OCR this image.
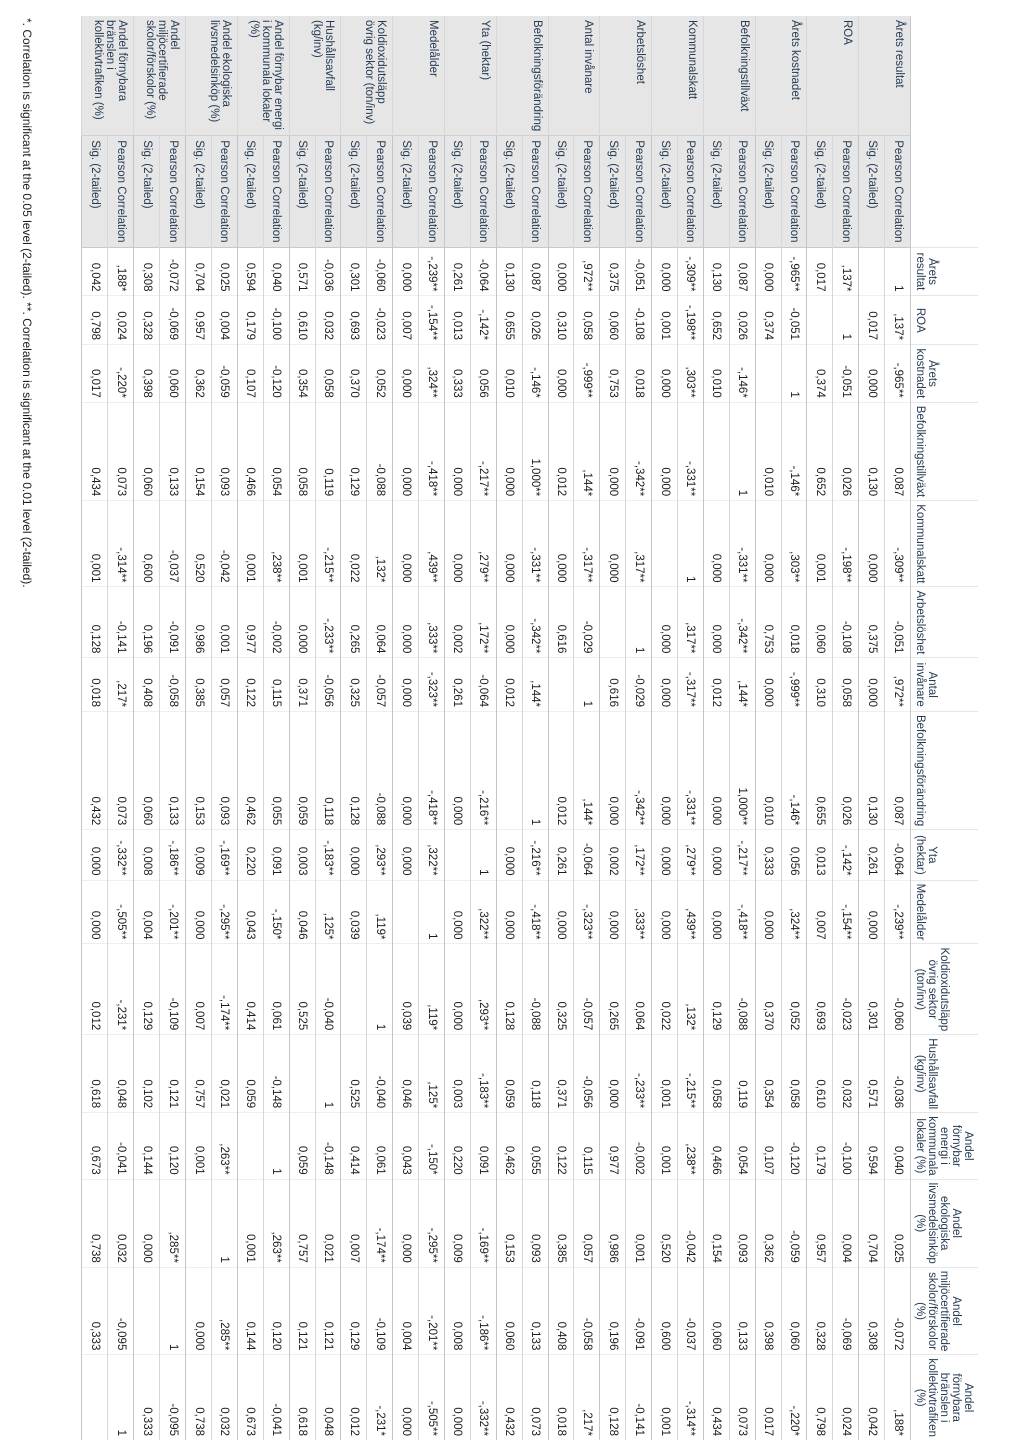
		Årets resultat	ROA	Årets kostnadet	Befolkningstillväxt	Kommunalskatt	Arbetslöshet	Antal invånare	Befolkningsförändring	Yta (hektar)	Medelålder	Koldioxidutsläpp övrig sektor (ton/inv)	Hushållsavfall (kg/inv)	Andel förnybar energi i kommunala lokaler (%)	Andel ekologiska livsmedelsinköp (%)	Andel miljöcertifierade skolor/förskolor (%)	Andel förnybara bränslen i kollektivtrafiken (%)
Årets resultat	Pearson Correlation	1	,137*	-,965**	0,087	-,309**	-0,051	,972**	0,087	-0,064	-,239**	-0,060	-0,036	0,040	0,025	-0,072	,188*
	Sig. (2-tailed)		0,017	0,000	0,130	0,000	0,375	0,000	0,130	0,261	0,000	0,301	0,571	0,594	0,704	0,308	0,042
ROA	Pearson Correlation	,137*	1	-0,051	0,026	-,198**	-0,108	0,058	0,026	-,142*	-,154**	-0,023	0,032	-0,100	0,004	-0,069	0,024
	Sig. (2-tailed)	0,017		0,374	0,652	0,001	0,060	0,310	0,655	0,013	0,007	0,693	0,610	0,179	0,957	0,328	0,798
Årets kostnadet	Pearson Correlation	-,965**	-0,051	1	-,146*	,303**	0,018	-,999**	-,146*	0,056	,324**	0,052	0,058	-0,120	-0,059	0,060	-,220*
	Sig. (2-tailed)	0,000	0,374		0,010	0,000	0,753	0,000	0,010	0,333	0,000	0,370	0,354	0,107	0,362	0,398	0,017
Befolkningstillväxt	Pearson Correlation	0,087	0,026	-,146*	1	-,331**	-,342**	,144*	1,000**	-,217**	-,418**	-0,088	0,119	0,054	0,093	0,133	0,073
	Sig. (2-tailed)	0,130	0,652	0,010		0,000	0,000	0,012	0,000	0,000	0,000	0,129	0,058	0,466	0,154	0,060	0,434
Kommunalskatt	Pearson Correlation	-,309**	-,198**	,303**	-,331**	1	,317**	-,317**	-,331**	,279**	,439**	,132*	-,215**	,238**	-0,042	-0,037	-,314**
	Sig. (2-tailed)	0,000	0,001	0,000	0,000		0,000	0,000	0,000	0,000	0,000	0,022	0,001	0,001	0,520	0,600	0,001
Arbetslöshet	Pearson Correlation	-0,051	-0,108	0,018	-,342**	,317**	1	-0,029	-,342**	,172**	,333**	0,064	-,233**	-0,002	0,001	-0,091	-0,141
	Sig. (2-tailed)	0,375	0,060	0,753	0,000	0,000		0,616	0,000	0,002	0,000	0,265	0,000	0,977	0,986	0,196	0,128
Antal invånare	Pearson Correlation	,972**	0,058	-,999**	,144*	-,317**	-0,029	1	,144*	-0,064	-,323**	-0,057	-0,056	0,115	0,057	-0,058	,217*
	Sig. (2-tailed)	0,000	0,310	0,000	0,012	0,000	0,616		0,012	0,261	0,000	0,325	0,371	0,122	0,385	0,408	0,018
Befolkningsförändring	Pearson Correlation	0,087	0,026	-,146*	1,000**	-,331**	-,342**	,144*	1	-,216**	-,418**	-0,088	0,118	0,055	0,093	0,133	0,073
	Sig. (2-tailed)	0,130	0,655	0,010	0,000	0,000	0,000	0,012		0,000	0,000	0,128	0,059	0,462	0,153	0,060	0,432
Yta (hektar)	Pearson Correlation	-0,064	-,142*	0,056	-,217**	,279**	,172**	-0,064	-,216**	1	,322**	,293**	-,183**	0,091	-,169**	-,186**	-,332**
	Sig. (2-tailed)	0,261	0,013	0,333	0,000	0,000	0,002	0,261	0,000		0,000	0,000	0,003	0,220	0,009	0,008	0,000
Medelålder	Pearson Correlation	-,239**	-,154**	,324**	-,418**	,439**	,333**	-,323**	-,418**	,322**	1	,119*	,125*	-,150*	-,295**	-,201**	-,505**
	Sig. (2-tailed)	0,000	0,007	0,000	0,000	0,000	0,000	0,000	0,000	0,000		0,039	0,046	0,043	0,000	0,004	0,000
Koldioxidutsläpp övrig sektor (ton/inv)	Pearson Correlation	-0,060	-0,023	0,052	-0,088	,132*	0,064	-0,057	-0,088	,293**	,119*	1	-0,040	0,061	-,174**	-0,109	-,231*
	Sig. (2-tailed)	0,301	0,693	0,370	0,129	0,022	0,265	0,325	0,128	0,000	0,039		0,525	0,414	0,007	0,129	0,012
Hushållsavfall (kg/inv)	Pearson Correlation	-0,036	0,032	0,058	0,119	-,215**	-,233**	-0,056	0,118	-,183**	,125*	-0,040	1	-0,148	0,021	0,121	0,048
	Sig. (2-tailed)	0,571	0,610	0,354	0,058	0,001	0,000	0,371	0,059	0,003	0,046	0,525		0,059	0,757	0,121	0,618
Andel förnybar energi i kommunala lokaler (%)	Pearson Correlation	0,040	-0,100	-0,120	0,054	,238**	-0,002	0,115	0,055	0,091	-,150*	0,061	-0,148	1	,263**	0,120	-0,041
	Sig. (2-tailed)	0,594	0,179	0,107	0,466	0,001	0,977	0,122	0,462	0,220	0,043	0,414	0,059		0,001	0,144	0,673
Andel ekologiska livsmedelsinköp (%)	Pearson Correlation	0,025	0,004	-0,059	0,093	-0,042	0,001	0,057	0,093	-,169**	-,295**	-,174**	0,021	,263**	1	,285**	0,032
	Sig. (2-tailed)	0,704	0,957	0,362	0,154	0,520	0,986	0,385	0,153	0,009	0,000	0,007	0,757	0,001		0,000	0,738
Andel miljöcertifierade skolor/förskolor (%)	Pearson Correlation	-0,072	-0,069	0,060	0,133	-0,037	-0,091	-0,058	0,133	-,186**	-,201**	-0,109	0,121	0,120	,285**	1	-0,095
	Sig. (2-tailed)	0,308	0,328	0,398	0,060	0,600	0,196	0,408	0,060	0,008	0,004	0,129	0,102	0,144	0,000		0,333
Andel förnybara bränslen i kollektivtrafiken (%)	Pearson Correlation	,188*	0,024	-,220*	0,073	-,314**	-0,141	,217*	0,073	-,332**	-,505**	-,231*	0,048	-0,041	0,032	-0,095	1
	Sig. (2-tailed)	0,042	0,798	0,017	0,434	0,001	0,128	0,018	0,432	0,000	0,000	0,012	0,618	0,673	0,738	0,333	
*. Correlation is significant at the 0.05 level (2-tailed). **. Correlation is significant at the 0.01 level (2-tailed).
